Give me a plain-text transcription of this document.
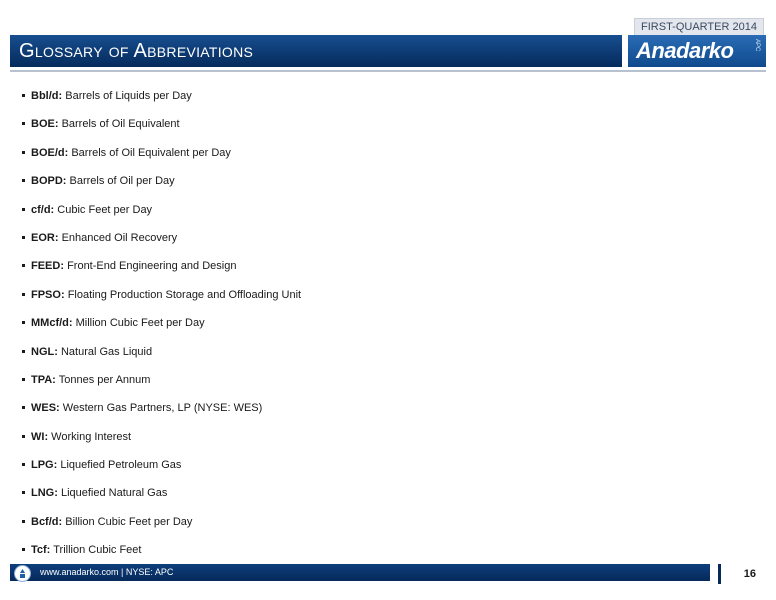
FIRST-QUARTER 2014
Glossary of Abbreviations	Anadarko	APC
Bbl/d: Barrels of Liquids per Day
BOE: Barrels of Oil Equivalent
BOE/d: Barrels of Oil Equivalent per Day
BOPD: Barrels of Oil per Day
cf/d: Cubic Feet per Day
EOR: Enhanced Oil Recovery
FEED: Front-End Engineering and Design
FPSO: Floating Production Storage and Offloading Unit
MMcf/d: Million Cubic Feet per Day
NGL: Natural Gas Liquid
TPA: Tonnes per Annum
WES: Western Gas Partners, LP (NYSE: WES)
WI: Working Interest
LPG: Liquefied Petroleum Gas
LNG: Liquefied Natural Gas
Bcf/d: Billion Cubic Feet per Day
Tcf: Trillion Cubic Feet
www.anadarko.com | NYSE: APC	16
